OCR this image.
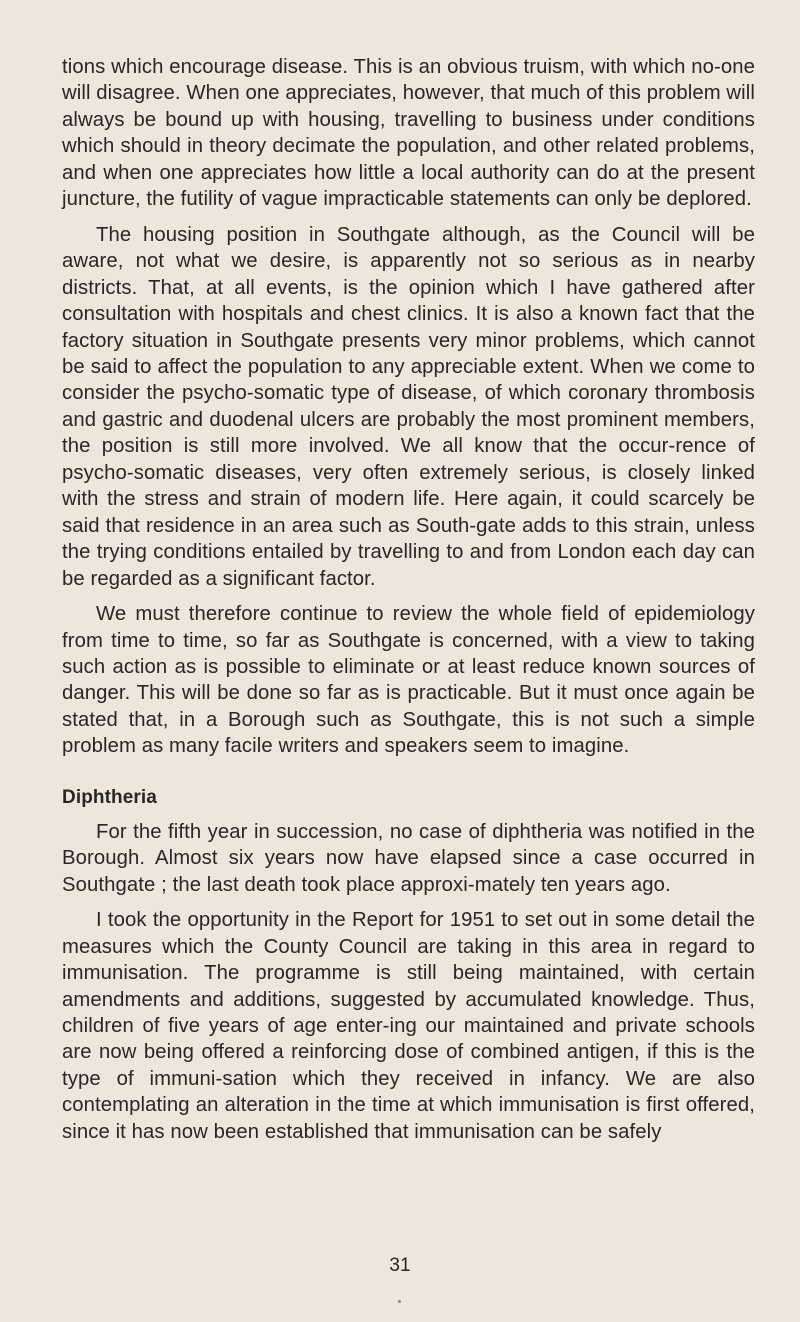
tions which encourage disease. This is an obvious truism, with which no-one will disagree. When one appreciates, however, that much of this problem will always be bound up with housing, travelling to business under conditions which should in theory decimate the population, and other related problems, and when one appreciates how little a local authority can do at the present juncture, the futility of vague impracticable statements can only be deplored.

The housing position in Southgate although, as the Council will be aware, not what we desire, is apparently not so serious as in nearby districts. That, at all events, is the opinion which I have gathered after consultation with hospitals and chest clinics. It is also a known fact that the factory situation in Southgate presents very minor problems, which cannot be said to affect the population to any appreciable extent. When we come to consider the psycho-somatic type of disease, of which coronary thrombosis and gastric and duodenal ulcers are probably the most prominent members, the position is still more involved. We all know that the occur-rence of psycho-somatic diseases, very often extremely serious, is closely linked with the stress and strain of modern life. Here again, it could scarcely be said that residence in an area such as South-gate adds to this strain, unless the trying conditions entailed by travelling to and from London each day can be regarded as a significant factor.

We must therefore continue to review the whole field of epidemiology from time to time, so far as Southgate is concerned, with a view to taking such action as is possible to eliminate or at least reduce known sources of danger. This will be done so far as is practicable. But it must once again be stated that, in a Borough such as Southgate, this is not such a simple problem as many facile writers and speakers seem to imagine.

Diphtheria

For the fifth year in succession, no case of diphtheria was notified in the Borough. Almost six years now have elapsed since a case occurred in Southgate ; the last death took place approxi-mately ten years ago.

I took the opportunity in the Report for 1951 to set out in some detail the measures which the County Council are taking in this area in regard to immunisation. The programme is still being maintained, with certain amendments and additions, suggested by accumulated knowledge. Thus, children of five years of age enter-ing our maintained and private schools are now being offered a reinforcing dose of combined antigen, if this is the type of immuni-sation which they received in infancy. We are also contemplating an alteration in the time at which immunisation is first offered, since it has now been established that immunisation can be safely

31
